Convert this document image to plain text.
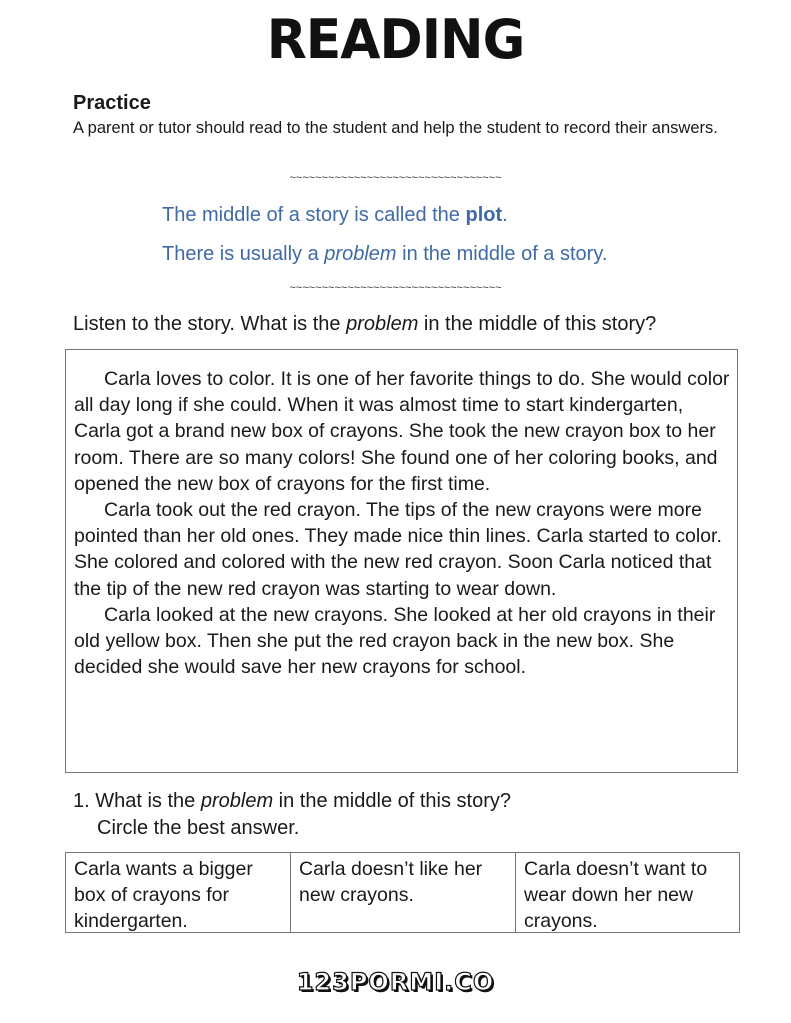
READING
Practice
A parent or tutor should read to the student and help the student to record their answers.
~~~~~~~~~~~~~~~~~~~~~~~~~~~~~~~~~
The middle of a story is called the plot.
There is usually a problem in the middle of a story.
~~~~~~~~~~~~~~~~~~~~~~~~~~~~~~~~~
Listen to the story. What is the problem in the middle of this story?

Carla loves to color. It is one of her favorite things to do. She would color all day long if she could. When it was almost time to start kindergarten, Carla got a brand new box of crayons. She took the new crayon box to her room. There are so many colors! She found one of her coloring books, and opened the new box of crayons for the first time.

Carla took out the red crayon. The tips of the new crayons were more pointed than her old ones. They made nice thin lines. Carla started to color. She colored and colored with the new red crayon. Soon Carla noticed that the tip of the new red crayon was starting to wear down.

Carla looked at the new crayons. She looked at her old crayons in their old yellow box. Then she put the red crayon back in the new box. She decided she would save her new crayons for school.

1. What is the problem in the middle of this story?
Circle the best answer.
Carla wants a bigger box of crayons for kindergarten.
Carla doesn’t like her new crayons.
Carla doesn’t want to wear down her new crayons.
123PORMI.CO
